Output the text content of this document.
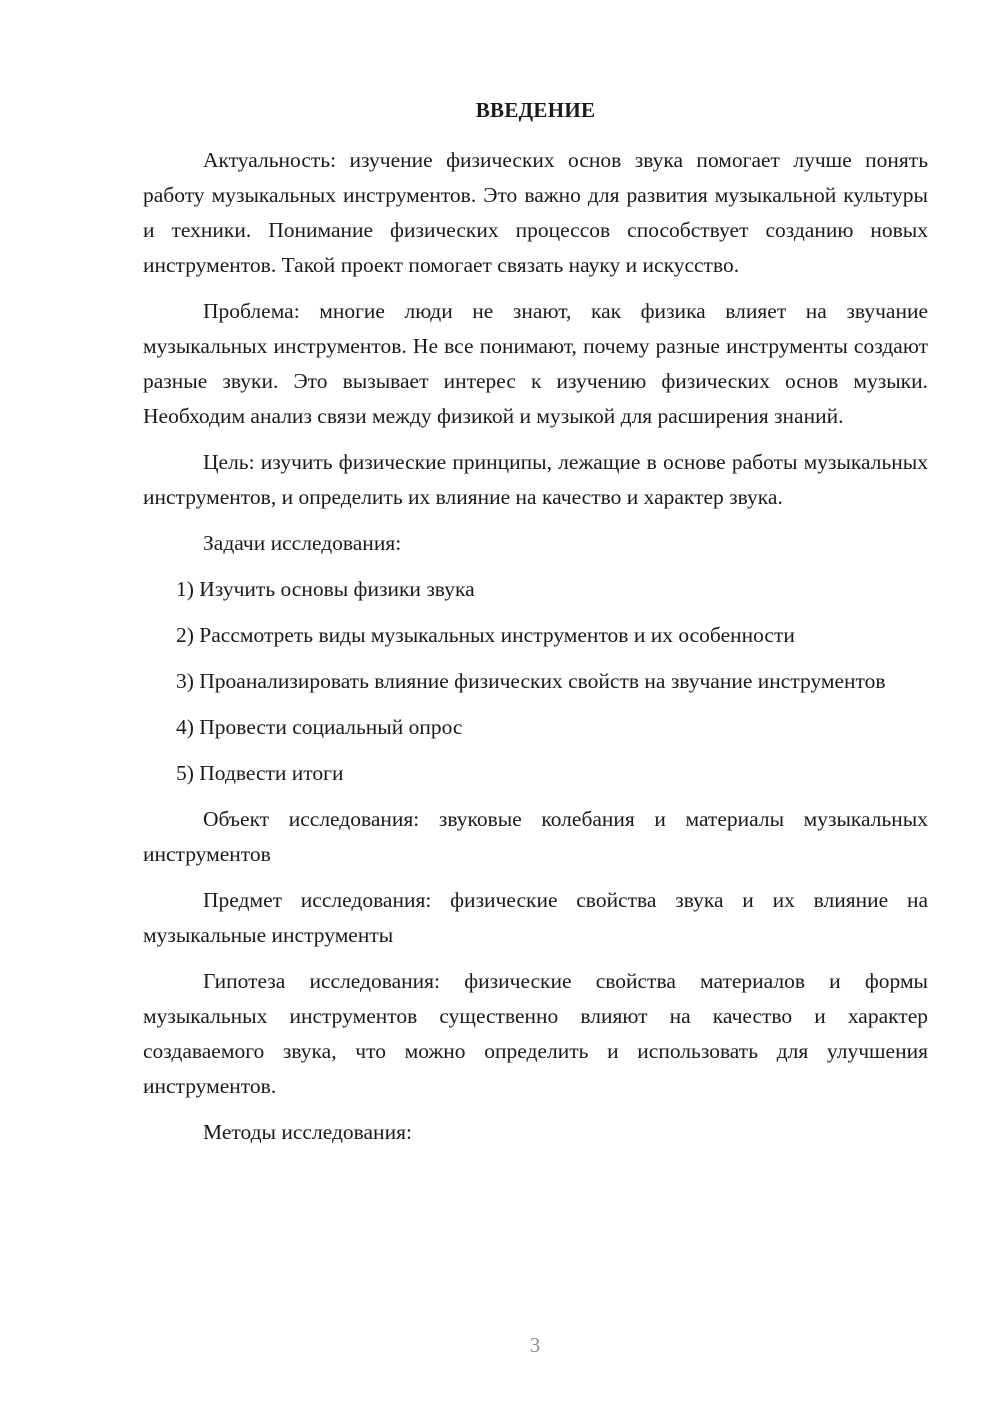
ВВЕДЕНИЕ

Актуальность: изучение физических основ звука помогает лучше понять работу музыкальных инструментов. Это важно для развития музыкальной культуры и техники. Понимание физических процессов способствует созданию новых инструментов. Такой проект помогает связать науку и искусство.

Проблема: многие люди не знают, как физика влияет на звучание музыкальных инструментов. Не все понимают, почему разные инструменты создают разные звуки. Это вызывает интерес к изучению физических основ музыки. Необходим анализ связи между физикой и музыкой для расширения знаний.

Цель: изучить физические принципы, лежащие в основе работы музыкальных инструментов, и определить их влияние на качество и характер звука.

Задачи исследования:

1) Изучить основы физики звука

2) Рассмотреть виды музыкальных инструментов и их особенности

3) Проанализировать влияние физических свойств на звучание инструментов

4) Провести социальный опрос

5) Подвести итоги

Объект исследования: звуковые колебания и материалы музыкальных инструментов

Предмет исследования: физические свойства звука и их влияние на музыкальные инструменты

Гипотеза исследования: физические свойства материалов и формы музыкальных инструментов существенно влияют на качество и характер создаваемого звука, что можно определить и использовать для улучшения инструментов.

Методы исследования:

3
